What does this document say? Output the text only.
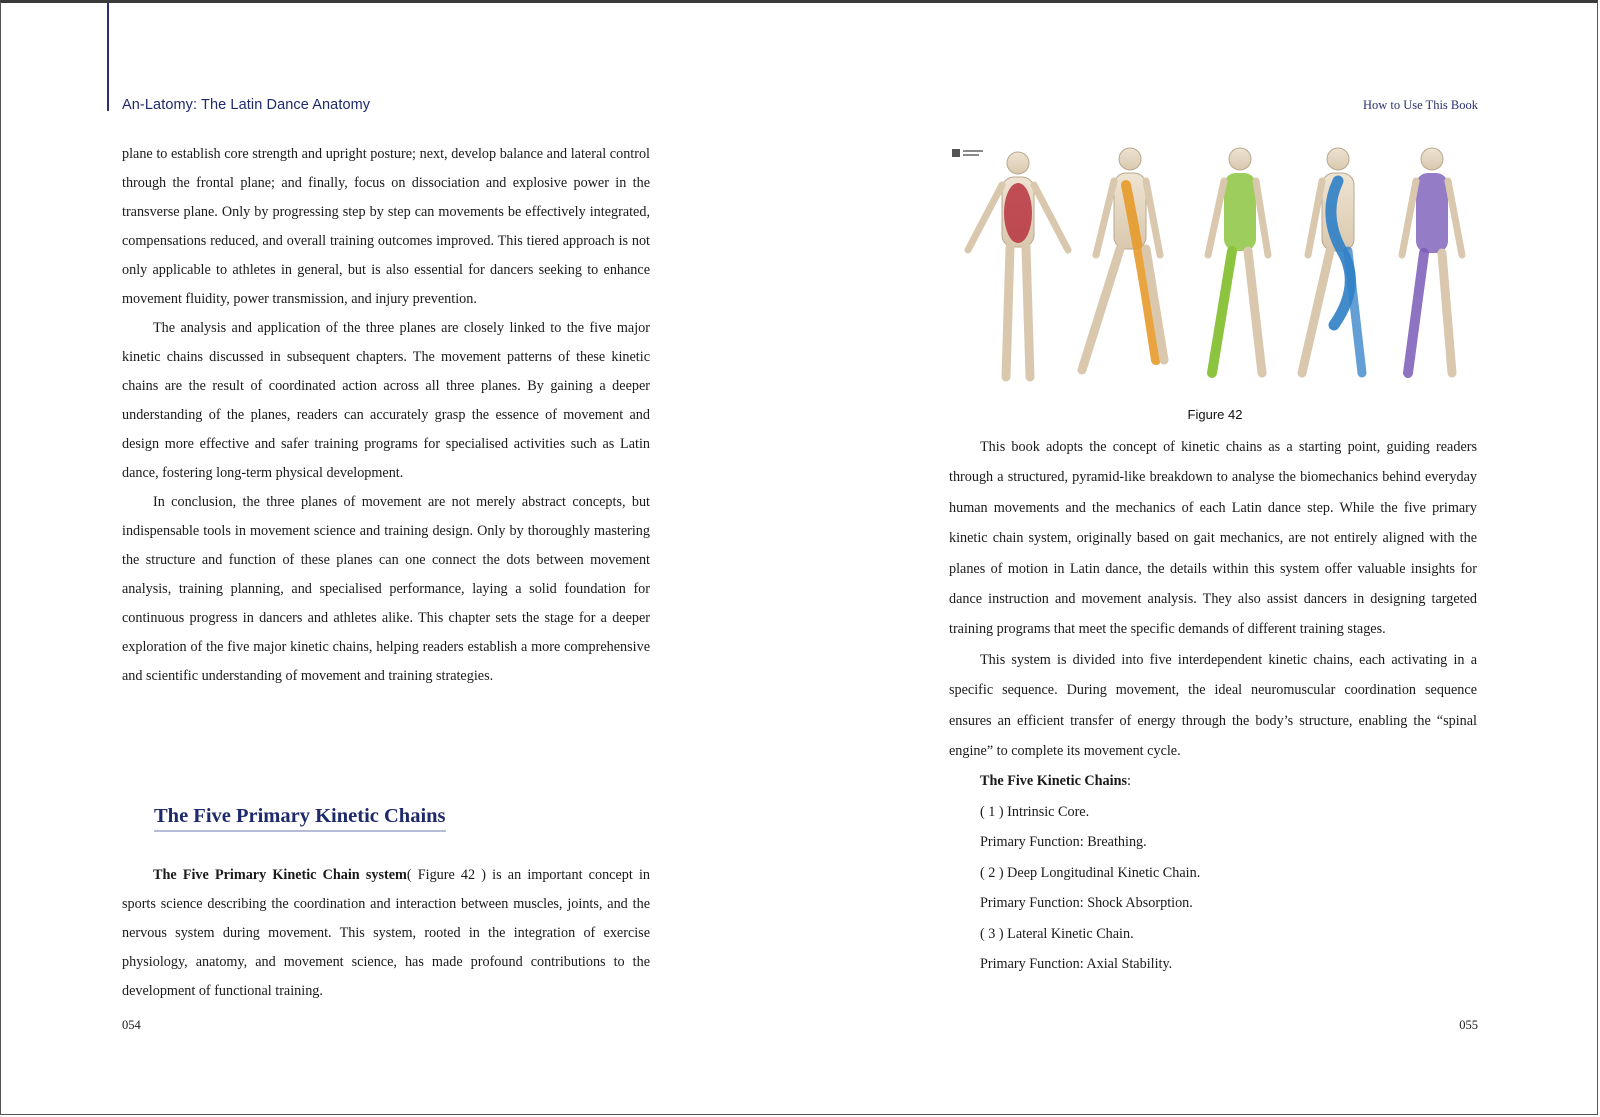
An-Latomy: The Latin Dance Anatomy	How to Use This Book

plane to establish core strength and upright posture; next, develop balance and lateral control through the frontal plane; and finally, focus on dissociation and explosive power in the transverse plane. Only by progressing step by step can movements be effectively integrated, compensations reduced, and overall training outcomes improved. This tiered approach is not only applicable to athletes in general, but is also essential for dancers seeking to enhance movement fluidity, power transmission, and injury prevention.

The analysis and application of the three planes are closely linked to the five major kinetic chains discussed in subsequent chapters. The movement patterns of these kinetic chains are the result of coordinated action across all three planes. By gaining a deeper understanding of the planes, readers can accurately grasp the essence of movement and design more effective and safer training programs for specialised activities such as Latin dance, fostering long-term physical development.

In conclusion, the three planes of movement are not merely abstract concepts, but indispensable tools in movement science and training design. Only by thoroughly mastering the structure and function of these planes can one connect the dots between movement analysis, training planning, and specialised performance, laying a solid foundation for continuous progress in dancers and athletes alike. This chapter sets the stage for a deeper exploration of the five major kinetic chains, helping readers establish a more comprehensive and scientific understanding of movement and training strategies.

The Five Primary Kinetic Chains

The Five Primary Kinetic Chain system( Figure 42 ) is an important concept in sports science describing the coordination and interaction between muscles, joints, and the nervous system during movement. This system, rooted in the integration of exercise physiology, anatomy, and movement science, has made profound contributions to the development of functional training.

054
Figure 42

This book adopts the concept of kinetic chains as a starting point, guiding readers through a structured, pyramid-like breakdown to analyse the biomechanics behind everyday human movements and the mechanics of each Latin dance step. While the five primary kinetic chain system, originally based on gait mechanics, are not entirely aligned with the planes of motion in Latin dance, the details within this system offer valuable insights for dance instruction and movement analysis. They also assist dancers in designing targeted training programs that meet the specific demands of different training stages.

This system is divided into five interdependent kinetic chains, each activating in a specific sequence. During movement, the ideal neuromuscular coordination sequence ensures an efficient transfer of energy through the body’s structure, enabling the “spinal engine” to complete its movement cycle.

The Five Kinetic Chains:

( 1 ) Intrinsic Core.

Primary Function: Breathing.

( 2 ) Deep Longitudinal Kinetic Chain.

Primary Function: Shock Absorption.

( 3 ) Lateral Kinetic Chain.

Primary Function: Axial Stability.

055
